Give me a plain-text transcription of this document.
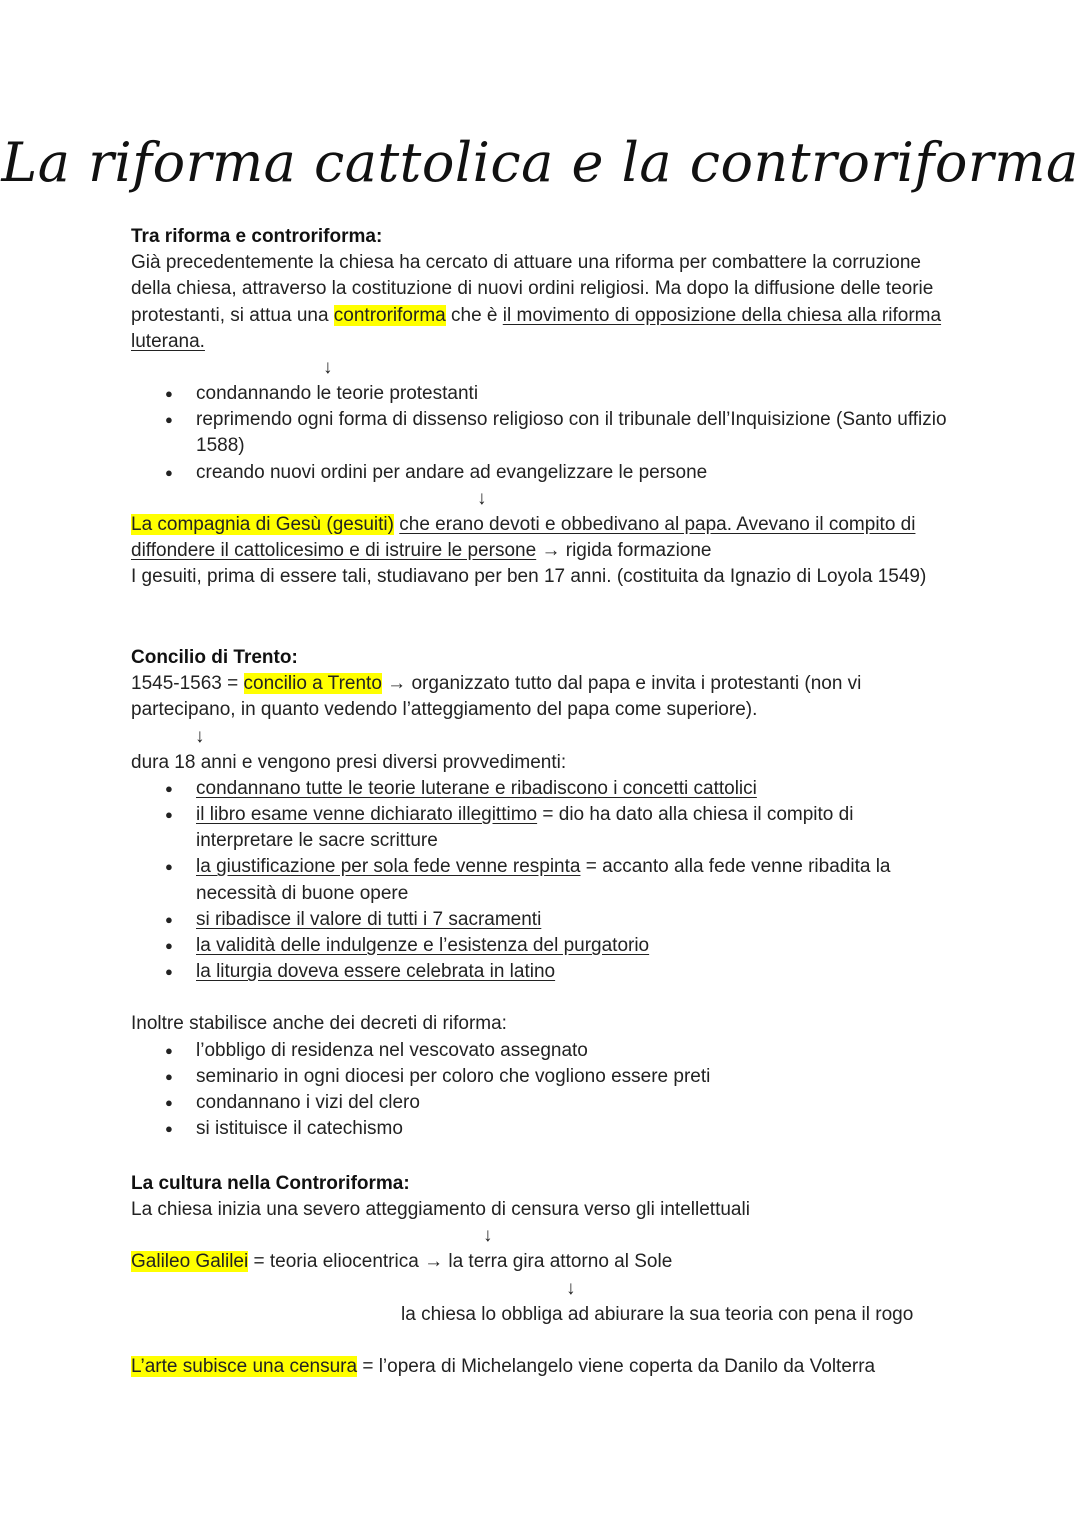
La riforma cattolica e la controriforma
Tra riforma e controriforma:

Già precedentemente la chiesa ha cercato di attuare una riforma per combattere la corruzione della chiesa, attraverso la costituzione di nuovi ordini religiosi. Ma dopo la diffusione delle teorie protestanti, si attua una controriforma che è il movimento di opposizione della chiesa alla riforma luterana.

↓
● condannando le teorie protestanti
● reprimendo ogni forma di dissenso religioso con il tribunale dell’Inquisizione (Santo uffizio 1588)
● creando nuovi ordini per andare ad evangelizzare le persone
↓

La compagnia di Gesù (gesuiti) che erano devoti e obbedivano al papa. Avevano il compito di diffondere il cattolicesimo e di istruire le persone → rigida formazione

I gesuiti, prima di essere tali, studiavano per ben 17 anni. (costituita da Ignazio di Loyola 1549)

Concilio di Trento:

1545-1563 = concilio a Trento → organizzato tutto dal papa e invita i protestanti (non vi partecipano, in quanto vedendo l’atteggiamento del papa come superiore).

↓

dura 18 anni e vengono presi diversi provvedimenti:

● condannano tutte le teorie luterane e ribadiscono i concetti cattolici
● il libro esame venne dichiarato illegittimo = dio ha dato alla chiesa il compito di interpretare le sacre scritture
● la giustificazione per sola fede venne respinta = accanto alla fede venne ribadita la necessità di buone opere
● si ribadisce il valore di tutti i 7 sacramenti
● la validità delle indulgenze e l’esistenza del purgatorio
● la liturgia doveva essere celebrata in latino

Inoltre stabilisce anche dei decreti di riforma:

● l’obbligo di residenza nel vescovato assegnato
● seminario in ogni diocesi per coloro che vogliono essere preti
● condannano i vizi del clero
● si istituisce il catechismo
La cultura nella Controriforma:

La chiesa inizia una severo atteggiamento di censura verso gli intellettuali

↓

Galileo Galilei = teoria eliocentrica → la terra gira attorno al Sole

↓

la chiesa lo obbliga ad abiurare la sua teoria con pena il rogo

L’arte subisce una censura = l’opera di Michelangelo viene coperta da Danilo da Volterra
